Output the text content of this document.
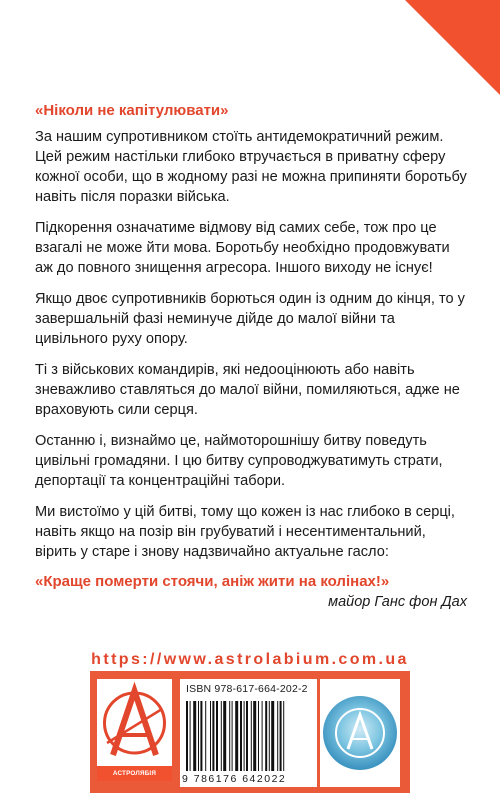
«Ніколи не капітулювати»

За нашим супротивником стоїть антидемократичний режим. Цей режим настільки глибоко втручається в приватну сферу кожної особи, що в жодному разі не можна припиняти боротьбу навіть після поразки війська.

Підкорення означатиме відмову від самих себе, тож про це взагалі не може йти мова. Боротьбу необхідно продовжувати аж до повного знищення агресора. Іншого виходу не існує!

Якщо двоє супротивників борються один із одним до кінця, то у завершальній фазі неминуче дійде до малої війни та цивільного руху опору.

Ті з військових командирів, які недооцінюють або навіть зневажливо ставляться до малої війни, помиляються, адже не враховують сили серця.

Останню і, визнаймо це, наймоторошнішу битву поведуть цивільні громадяни. І цю битву супроводжуватимуть страти, депортації та концентраційні табори.

Ми вистоїмо у цій битві, тому що кожен із нас глибоко в серці, навіть якщо на позір він грубуватий і несентиментальний, вірить у старе і знову надзвичайно актуальне гасло:

«Краще померти стоячи, аніж жити на колінах!»
майор Ганс фон Дах
https://www.astrolabium.com.ua
АСТРОЛЯБІЯ
ISBN 978-617-664-202-2
9 786176 642022
